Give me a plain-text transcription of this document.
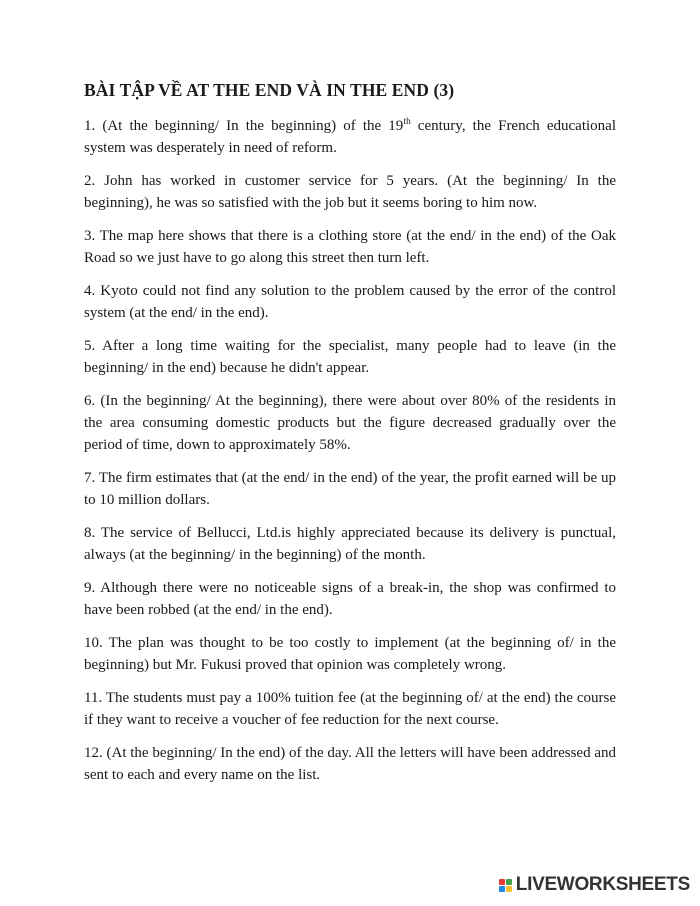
BÀI TẬP VỀ AT THE END VÀ IN THE END (3)

1. (At the beginning/ In the beginning) of the 19th century, the French educational system was desperately in need of reform.

2. John has worked in customer service for 5 years. (At the beginning/ In the beginning), he was so satisfied with the job but it seems boring to him now.

3. The map here shows that there is a clothing store (at the end/ in the end) of the Oak Road so we just have to go along this street then turn left.

4. Kyoto could not find any solution to the problem caused by the error of the control system (at the end/ in the end).

5. After a long time waiting for the specialist, many people had to leave (in the beginning/ in the end) because he didn't appear.

6. (In the beginning/ At the beginning), there were about over 80% of the residents in the area consuming domestic products but the figure decreased gradually over the period of time, down to approximately 58%.

7. The firm estimates that (at the end/ in the end) of the year, the profit earned will be up to 10 million dollars.

8. The service of Bellucci, Ltd.is highly appreciated because its delivery is punctual, always (at the beginning/ in the beginning) of the month.

9. Although there were no noticeable signs of a break-in, the shop was confirmed to have been robbed (at the end/ in the end).

10. The plan was thought to be too costly to implement (at the beginning of/ in the beginning) but Mr. Fukusi proved that opinion was completely wrong.

11. The students must pay a 100% tuition fee (at the beginning of/ at the end) the course if they want to receive a voucher of fee reduction for the next course.

12. (At the beginning/ In the end) of the day. All the letters will have been addressed and sent to each and every name on the list.

LIVEWORKSHEETS
